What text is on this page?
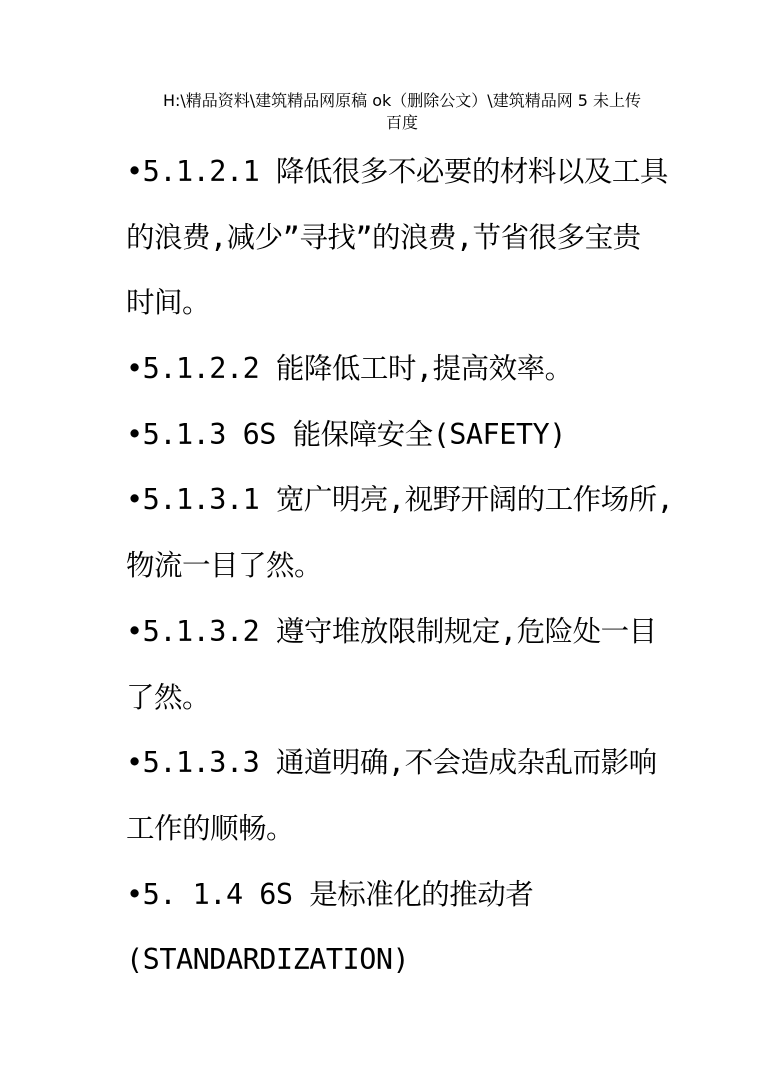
H:\精品资料\建筑精品网原稿 ok（删除公文）\建筑精品网 5 未上传
百度
•5.1.2.1 降低很多不必要的材料以及工具
的浪费,减少”寻找”的浪费,节省很多宝贵
时间。
•5.1.2.2 能降低工时,提高效率。
•5.1.3 6S 能保障安全(SAFETY)
•5.1.3.1 宽广明亮,视野开阔的工作场所,
物流一目了然。
•5.1.3.2 遵守堆放限制规定,危险处一目
了然。
•5.1.3.3 通道明确,不会造成杂乱而影响
工作的顺畅。
•5. 1.4 6S 是标准化的推动者
(STANDARDIZATION)
